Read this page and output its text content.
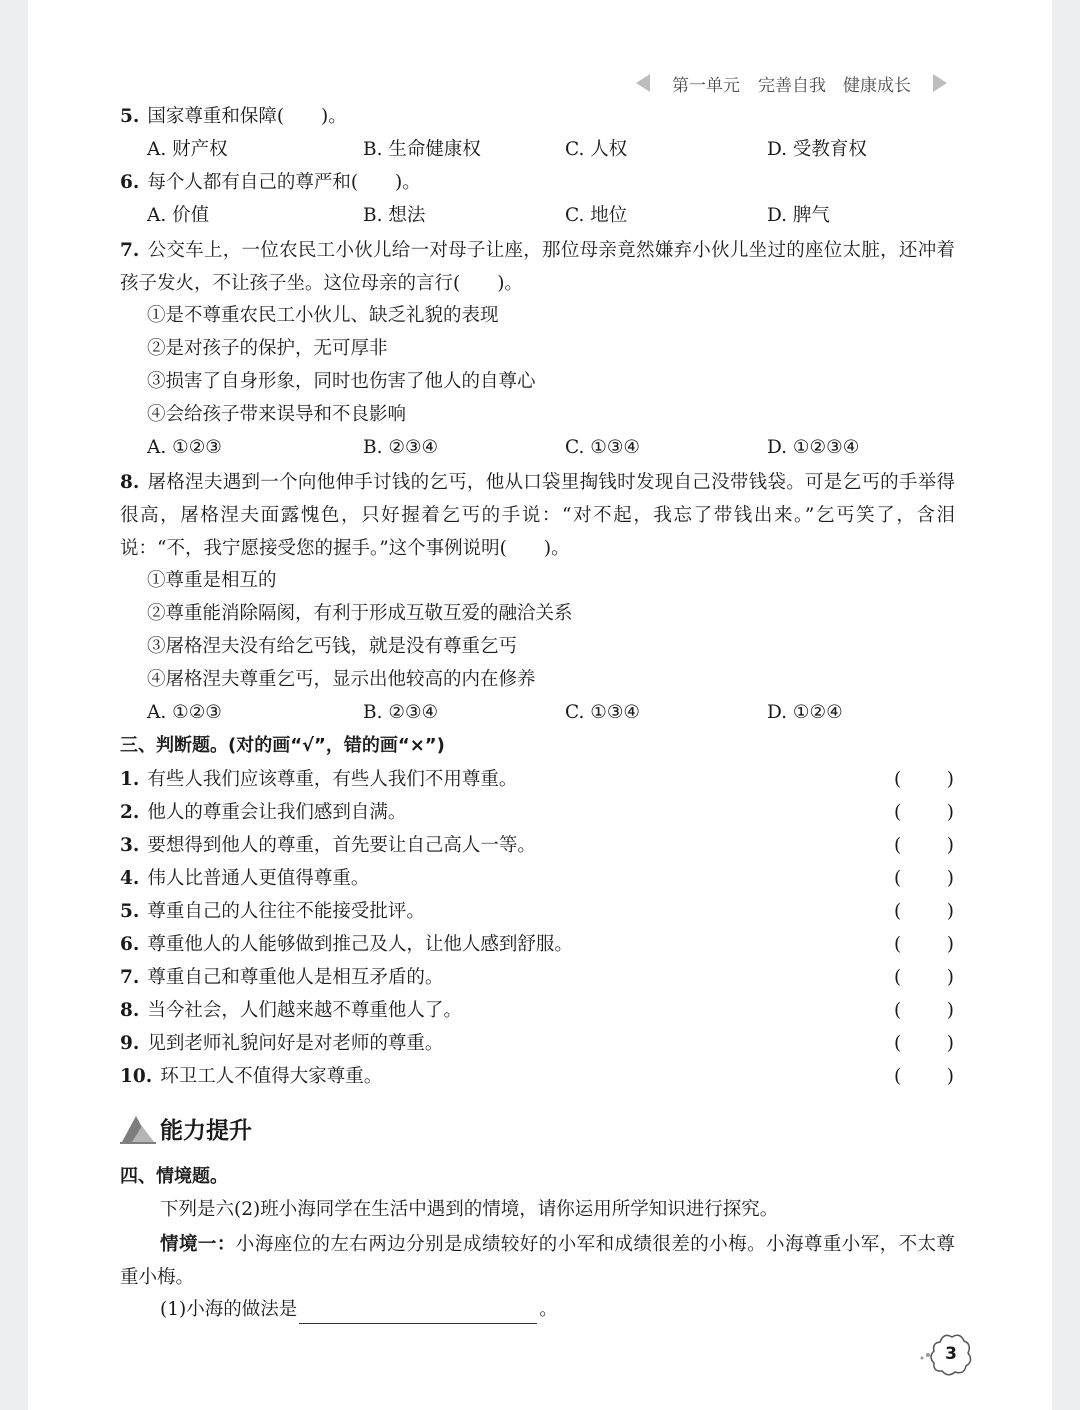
第一单元 完善自我　健康成长
5. 国家尊重和保障(　　)。
A. 财产权	B. 生命健康权	C. 人权	D. 受教育权
6. 每个人都有自己的尊严和(　　)。
A. 价值	B. 想法	C. 地位	D. 脾气
7. 公交车上，一位农民工小伙儿给一对母子让座，那位母亲竟然嫌弃小伙儿坐过的座位太脏，还冲着孩子发火，不让孩子坐。这位母亲的言行(　　)。
①是不尊重农民工小伙儿、缺乏礼貌的表现
②是对孩子的保护，无可厚非
③损害了自身形象，同时也伤害了他人的自尊心
④会给孩子带来误导和不良影响
A. ①②③	B. ②③④	C. ①③④	D. ①②③④
8. 屠格涅夫遇到一个向他伸手讨钱的乞丐，他从口袋里掏钱时发现自己没带钱袋。可是乞丐的手举得很高，屠格涅夫面露愧色，只好握着乞丐的手说：“对不起，我忘了带钱出来。”乞丐笑了，含泪说：“不，我宁愿接受您的握手。”这个事例说明(　　)。
①尊重是相互的
②尊重能消除隔阂，有利于形成互敬互爱的融洽关系
③屠格涅夫没有给乞丐钱，就是没有尊重乞丐
④屠格涅夫尊重乞丐，显示出他较高的内在修养
A. ①②③	B. ②③④	C. ①③④	D. ①②④
三、判断题。(对的画“√”，错的画“×”)
1. 有些人我们应该尊重，有些人我们不用尊重。	( )
2. 他人的尊重会让我们感到自满。	( )
3. 要想得到他人的尊重，首先要让自己高人一等。	( )
4. 伟人比普通人更值得尊重。	( )
5. 尊重自己的人往往不能接受批评。	( )
6. 尊重他人的人能够做到推己及人，让他人感到舒服。	( )
7. 尊重自己和尊重他人是相互矛盾的。	( )
8. 当今社会，人们越来越不尊重他人了。	( )
9. 见到老师礼貌问好是对老师的尊重。	( )
10. 环卫工人不值得大家尊重。	( )
能力提升
四、情境题。
下列是六(2)班小海同学在生活中遇到的情境，请你运用所学知识进行探究。
情境一：小海座位的左右两边分别是成绩较好的小军和成绩很差的小梅。小海尊重小军，不太尊重小梅。
(1)小海的做法是	。
3
